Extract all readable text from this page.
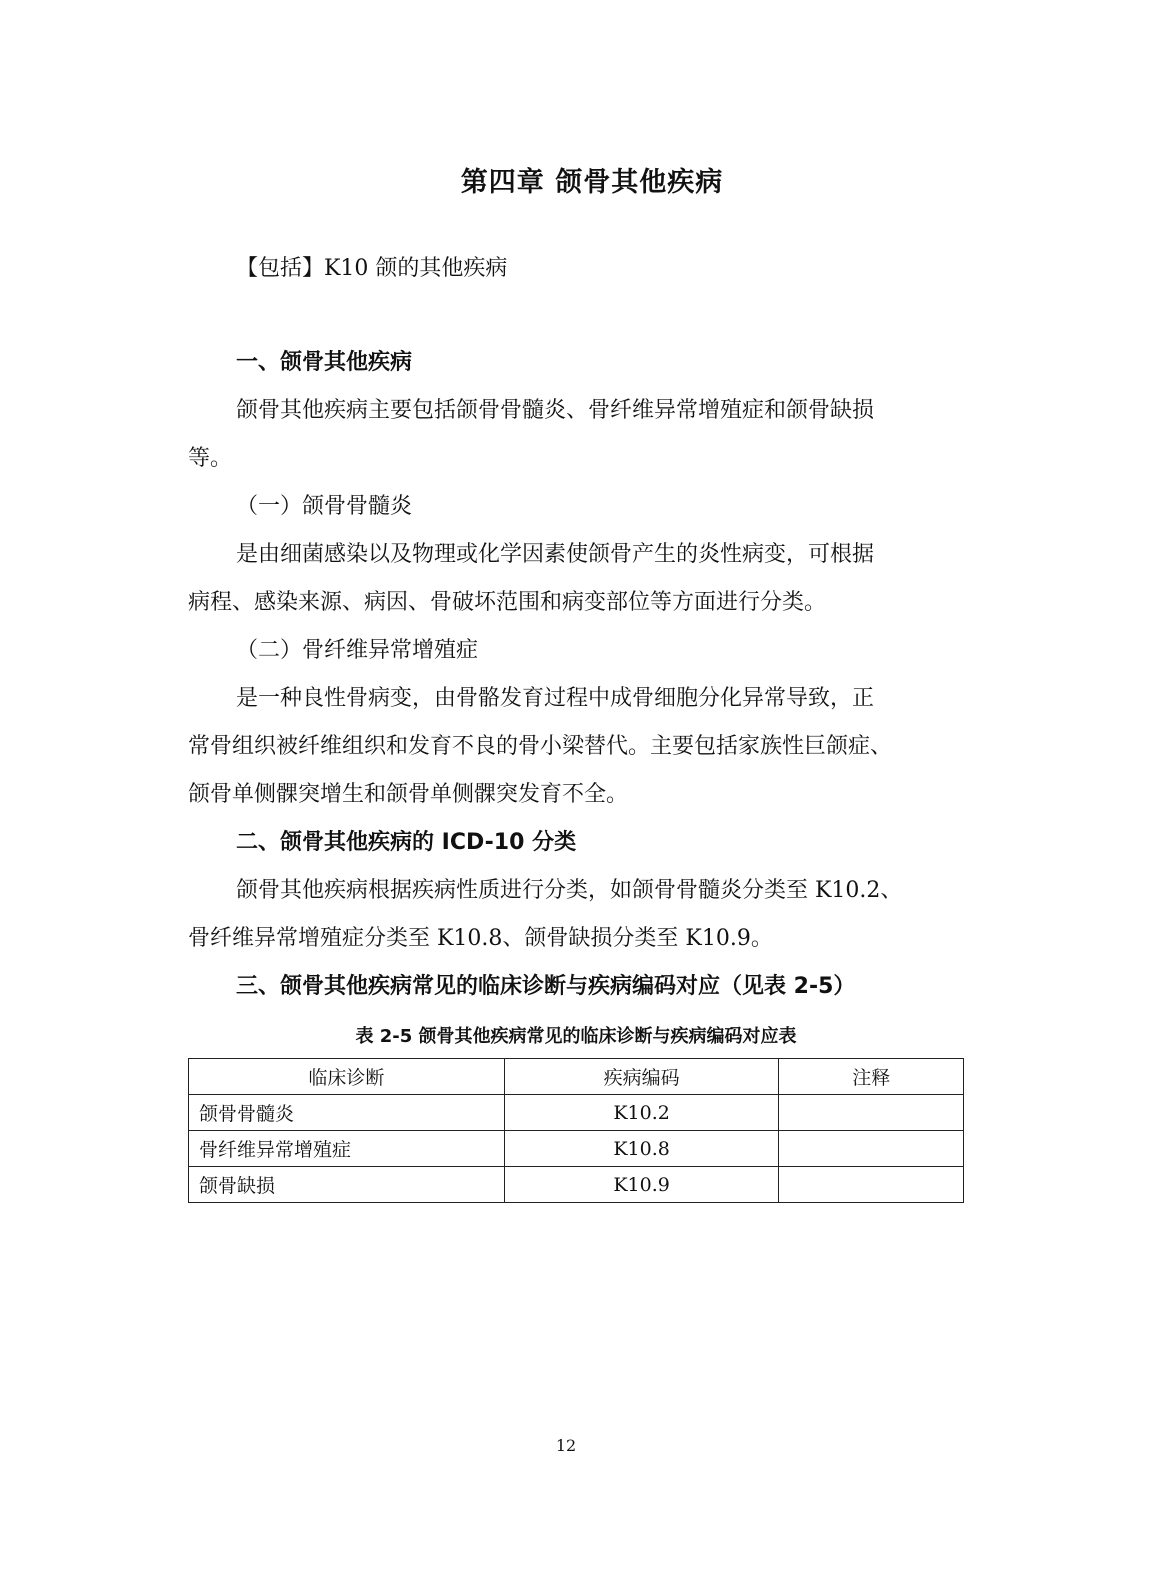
第四章 颌骨其他疾病

【包括】K10 颌的其他疾病

一、颌骨其他疾病

颌骨其他疾病主要包括颌骨骨髓炎、骨纤维异常增殖症和颌骨缺损

等。

（一）颌骨骨髓炎

是由细菌感染以及物理或化学因素使颌骨产生的炎性病变，可根据

病程、感染来源、病因、骨破坏范围和病变部位等方面进行分类。

（二）骨纤维异常增殖症

是一种良性骨病变，由骨骼发育过程中成骨细胞分化异常导致，正

常骨组织被纤维组织和发育不良的骨小梁替代。主要包括家族性巨颌症、

颌骨单侧髁突增生和颌骨单侧髁突发育不全。

二、颌骨其他疾病的 ICD-10 分类

颌骨其他疾病根据疾病性质进行分类，如颌骨骨髓炎分类至 K10.2、

骨纤维异常增殖症分类至 K10.8、颌骨缺损分类至 K10.9。

三、颌骨其他疾病常见的临床诊断与疾病编码对应（见表 2-5）

表 2-5 颌骨其他疾病常见的临床诊断与疾病编码对应表

临床诊断	疾病编码	注释
颌骨骨髓炎	K10.2	
骨纤维异常增殖症	K10.8	
颌骨缺损	K10.9	

12
